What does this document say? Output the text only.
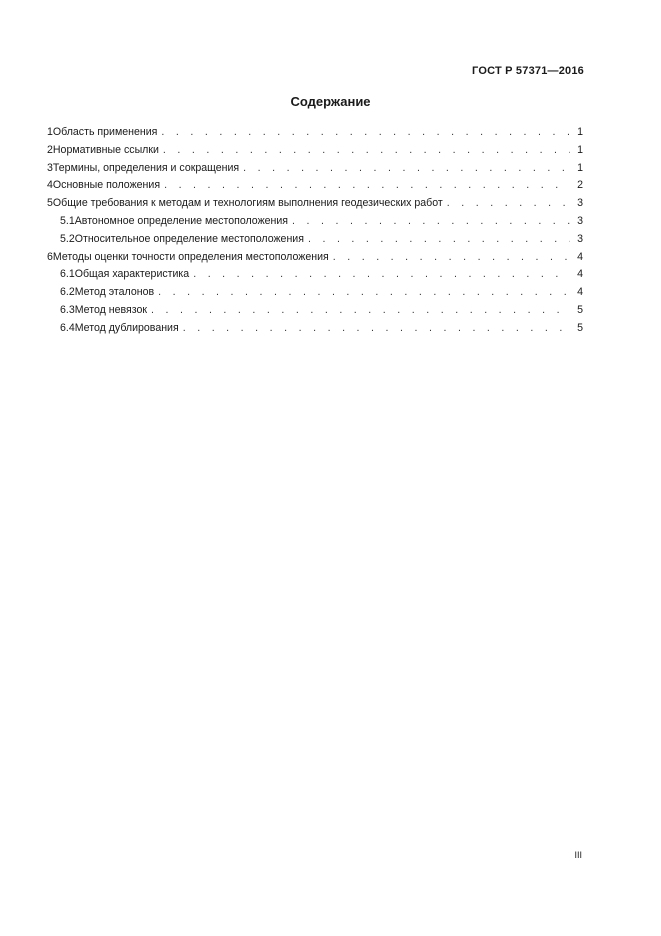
ГОСТ Р 57371—2016
Содержание
1 Область применения . . .	1
2 Нормативные ссылки . . .	1
3 Термины, определения и сокращения . . .	1
4 Основные положения . . .	2
5 Общие требования к методам и технологиям выполнения геодезических работ . . .	3
5.1 Автономное определение местоположения . . .	3
5.2 Относительное определение местоположения . . .	3
6 Методы оценки точности определения местоположения . . .	4
6.1 Общая характеристика . . .	4
6.2 Метод эталонов . . .	4
6.3 Метод невязок . . .	5
6.4 Метод дублирования . . .	5
III
